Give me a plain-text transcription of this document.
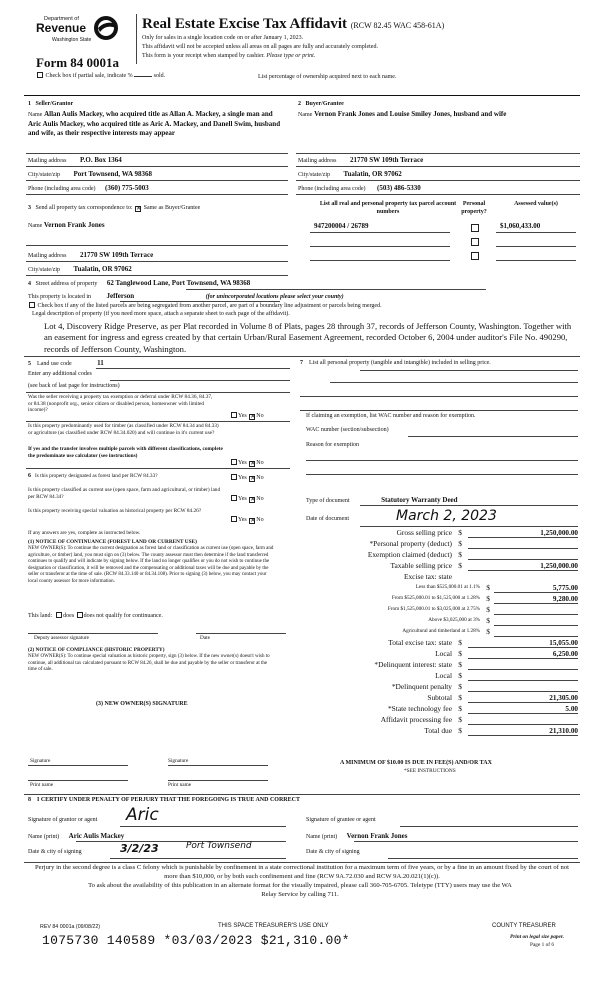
Department of
Revenue
Washington State
Form 84 0001a
Check box if partial sale, indicate %	sold.
Real Estate Excise Tax Affidavit (RCW 82.45 WAC 458-61A)
Only for sales in a single location code on or after January 1, 2023.
This affidavit will not be accepted unless all areas on all pages are fully and accurately completed.
This form is your receipt when stamped by cashier. Please type or print.
List percentage of ownership acquired next to each name.
1 Seller/Grantor
Name Allan Aulis Mackey, who acquired title as Allan A. Mackey, a single man and Aric Aulis Mackey, who acquired title as Aric A. Mackey, and Danell Swim, husband and wife, as their respective interests may appear
Mailing address P.O. Box 1364
City/state/zip Port Townsend, WA 98368
Phone (including area code) (360) 775-5003
2 Buyer/Grantee
Name Vernon Frank Jones and Louise Smiley Jones, husband and wife
Mailing address 21770 SW 109th Terrace
City/state/zip Tualatin, OR 97062
Phone (including area code) (503) 486-5330
3 Send all property tax correspondence to: ✕ Same as Buyer/Grantee
Name Vernon Frank Jones
Mailing address 21770 SW 109th Terrace
City/state/zip Tualatin, OR 97062
List all real and personal property tax parcel account numbers
Personal property?
Assessed value(s)
947200004 / 26789	$1,060,433.00
4 Street address of property 62 Tanglewood Lane, Port Townsend, WA 98368
This property is located in Jefferson	(for unincorporated locations please select your county)
Check box if any of the listed parcels are being segregated from another parcel, are part of a boundary line adjustment or parcels being merged.
Legal description of property (if you need more space, attach a separate sheet to each page of the affidavit).
Lot 4, Discovery Ridge Preserve, as per Plat recorded in Volume 8 of Plats, pages 28 through 37, records of Jefferson County, Washington. Together with an easement for ingress and egress created by that certain Urban/Rural Easement Agreement, recorded October 6, 2004 under auditor's File No. 490290, records of Jefferson County, Washington.
5 Land use code	11
Enter any additional codes
(see back of last page for instructions)
Was the seller receiving a property tax exemption or deferral under RCW 84.36, 84.37, or 84.38 (nonprofit org., senior citizen or disabled person, homeowner with limited income)?
Yes ✕No
Is this property predominantly used for timber (as classified under RCW 84.34 and 84.33) or agriculture (as classified under RCW 84.34.020) and will continue in it's current use?
If yes and the transfer involves multiple parcels with different classifications, complete the predominate use calculator (see instructions)
Yes ✕No
7 List all personal property (tangible and intangible) included in selling price.
If claiming an exemption, list WAC number and reason for exemption.
WAC number (section/subsection)
Reason for exemption
6 Is this property designated as forest land per RCW 84.33?	Yes ✕No
Is this property classified as current use (open space, farm and agricultural, or timber) land per RCW 84.34?	Yes ✕No
Is this property receiving special valuation as historical property per RCW 84.26?
Yes ✕No
If any answers are yes, complete as instructed below.
(1) NOTICE OF CONTINUANCE (FOREST LAND OR CURRENT USE)
NEW OWNER(S): To continue the current designation as forest land or classification as current use (open space, farm and agriculture, or timber) land, you must sign on (3) below. The county assessor must then determine if the land transferred continues to qualify and will indicate by signing below. If the land no longer qualifies or you do not wish to continue the designation or classification, it will be removed and the compensating or additional taxes will be due and payable by the seller or transferor at the time of sale. (RCW 84.33.140 or 84.34.108). Prior to signing (3) below, you may contact your local county assessor for more information.
This land: does does not qualify for continuance.
Deputy assessor signature	Date
(2) NOTICE OF COMPLIANCE (HISTORIC PROPERTY)
NEW OWNER(S): To continue special valuation as historic property, sign (3) below. If the new owner(s) doesn't wish to continue, all additional tax calculated pursuant to RCW 84.26, shall be due and payable by the seller or transferor at the time of sale.
(3) NEW OWNER(S) SIGNATURE
Signature	Signature
Print name	Print name
Type of document	Statutory Warranty Deed
Date of document	March 2, 2023
Gross selling price $	1,250,000.00
*Personal property (deduct) $
Exemption claimed (deduct) $
Taxable selling price $	1,250,000.00
Excise tax: state
Less than $525,000.01 at 1.1% $	5,775.00
From $525,000.01 to $1,525,000 at 1.28% $	9,280.00
From $1,525,000.01 to $3,025,000 at 2.75% $
Above $3,025,000 at 3% $
Agricultural and timberland at 1.28% $
Total excise tax: state $	15,055.00
Local $	6,250.00
*Delinquent interest: state $
Local $
*Delinquent penalty $
Subtotal $	21,305.00
*State technology fee $	5.00
Affidavit processing fee $
Total due $	21,310.00
A MINIMUM OF $10.00 IS DUE IN FEE(S) AND/OR TAX
*SEE INSTRUCTIONS
8 I CERTIFY UNDER PENALTY OF PERJURY THAT THE FOREGOING IS TRUE AND CORRECT
Signature of grantor or agent Aric	Signature of grantee or agent
Name (print) Aric Aulis Mackey	Name (print) Vernon Frank Jones
Date & city of signing	3/2/23	Port Townsend
Date & city of signing
Perjury in the second degree is a class C felony which is punishable by confinement in a state correctional institution for a maximum term of five years, or by a fine in an amount fixed by the court of not more than $10,000, or by both such confinement and fine (RCW 9A.72.030 and RCW 9A.20.021(1)(c)).
To ask about the availability of this publication in an alternate format for the visually impaired, please call 360-705-6705. Teletype (TTY) users may use the WA Relay Service by calling 711.
REV 84 0001a (09/08/22)	THIS SPACE TREASURER'S USE ONLY	COUNTY TREASURER
1075730 140589 *03/03/2023 $21,310.00*	Print on legal size paper.
Page 1 of 6
